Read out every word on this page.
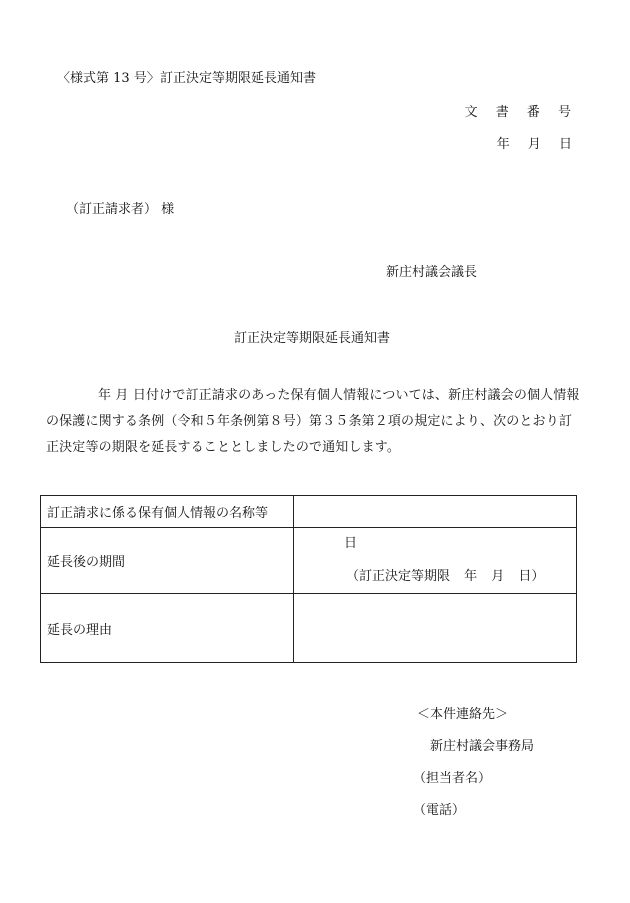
〈様式第 13 号〉 訂正決定等期限延長通知書
文 書 番 号
年 月 日
（訂正請求者） 様
新庄村議会議長
訂正決定等期限延長通知書
年 月 日付けで訂正請求のあった保有個人情報については、新庄村議会の個人情報の保護に関する条例（令和５年条例第８号）第３５条第２項の規定により、次のとおり訂正決定等の期限を延長することとしましたので通知します。
訂正請求に係る保有個人情報の名称等	
延長後の期間	日
（訂正決定等期限 年 月 日）

延長の理由	
＜本件連絡先＞
新庄村議会事務局
（担当者名）
（電話）
